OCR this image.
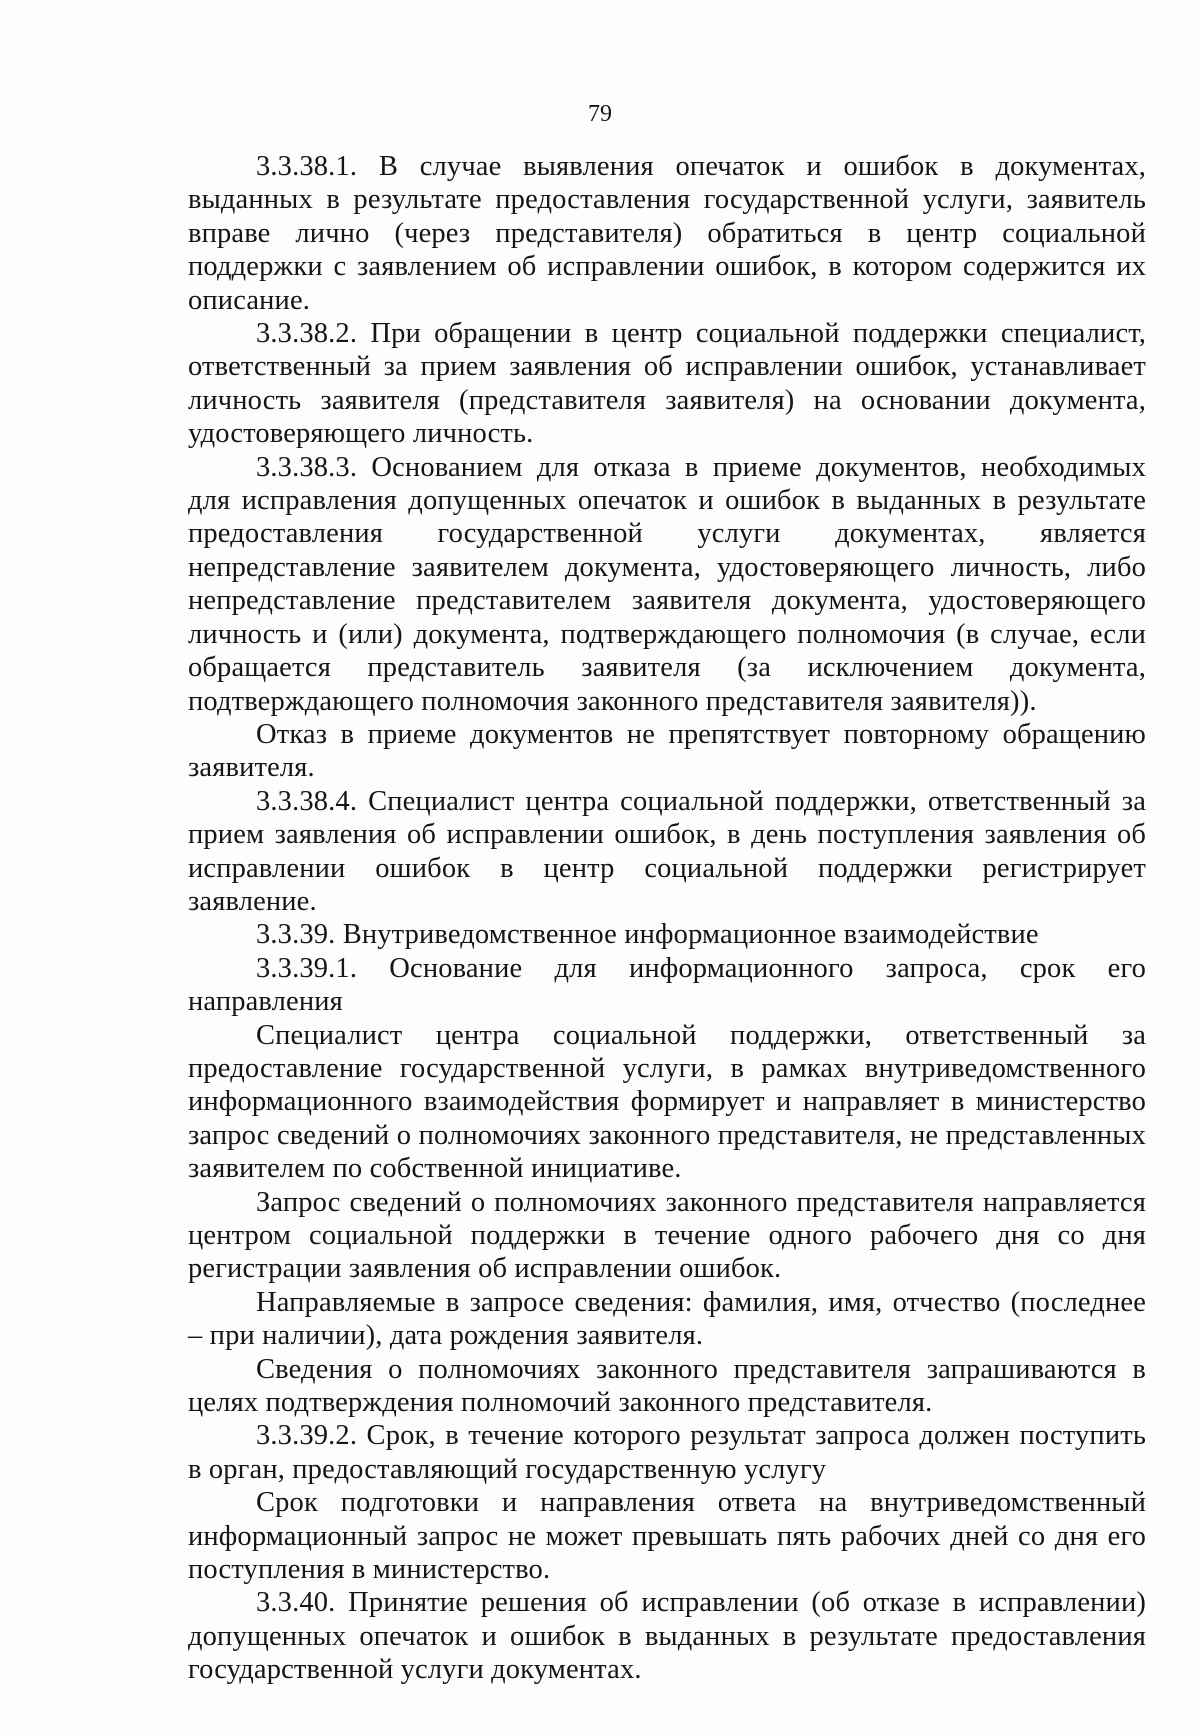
79

3.3.38.1. В случае выявления опечаток и ошибок в документах, выданных в результате предоставления государственной услуги, заявитель вправе лично (через представителя) обратиться в центр социальной поддержки с заявлением об исправлении ошибок, в котором содержится их описание.

3.3.38.2. При обращении в центр социальной поддержки специалист, ответственный за прием заявления об исправлении ошибок, устанавливает личность заявителя (представителя заявителя) на основании документа, удостоверяющего личность.

3.3.38.3. Основанием для отказа в приеме документов, необходимых для исправления допущенных опечаток и ошибок в выданных в результате предоставления государственной услуги документах, является непредставление заявителем документа, удостоверяющего личность, либо непредставление представителем заявителя документа, удостоверяющего личность и (или) документа, подтверждающего полномочия (в случае, если обращается представитель заявителя (за исключением документа, подтверждающего полномочия законного представителя заявителя)).

Отказ в приеме документов не препятствует повторному обращению заявителя.

3.3.38.4. Специалист центра социальной поддержки, ответственный за прием заявления об исправлении ошибок, в день поступления заявления об исправлении ошибок в центр социальной поддержки регистрирует заявление.

3.3.39. Внутриведомственное информационное взаимодействие

3.3.39.1. Основание для информационного запроса, срок его направления

Специалист центра социальной поддержки, ответственный за предоставление государственной услуги, в рамках внутриведомственного информационного взаимодействия формирует и направляет в министерство запрос сведений о полномочиях законного представителя, не представленных заявителем по собственной инициативе.

Запрос сведений о полномочиях законного представителя направляется центром социальной поддержки в течение одного рабочего дня со дня регистрации заявления об исправлении ошибок.

Направляемые в запросе сведения: фамилия, имя, отчество (последнее – при наличии), дата рождения заявителя.

Сведения о полномочиях законного представителя запрашиваются в целях подтверждения полномочий законного представителя.

3.3.39.2. Срок, в течение которого результат запроса должен поступить в орган, предоставляющий государственную услугу

Срок подготовки и направления ответа на внутриведомственный информационный запрос не может превышать пять рабочих дней со дня его поступления в министерство.

3.3.40. Принятие решения об исправлении (об отказе в исправлении) допущенных опечаток и ошибок в выданных в результате предоставления государственной услуги документах.
